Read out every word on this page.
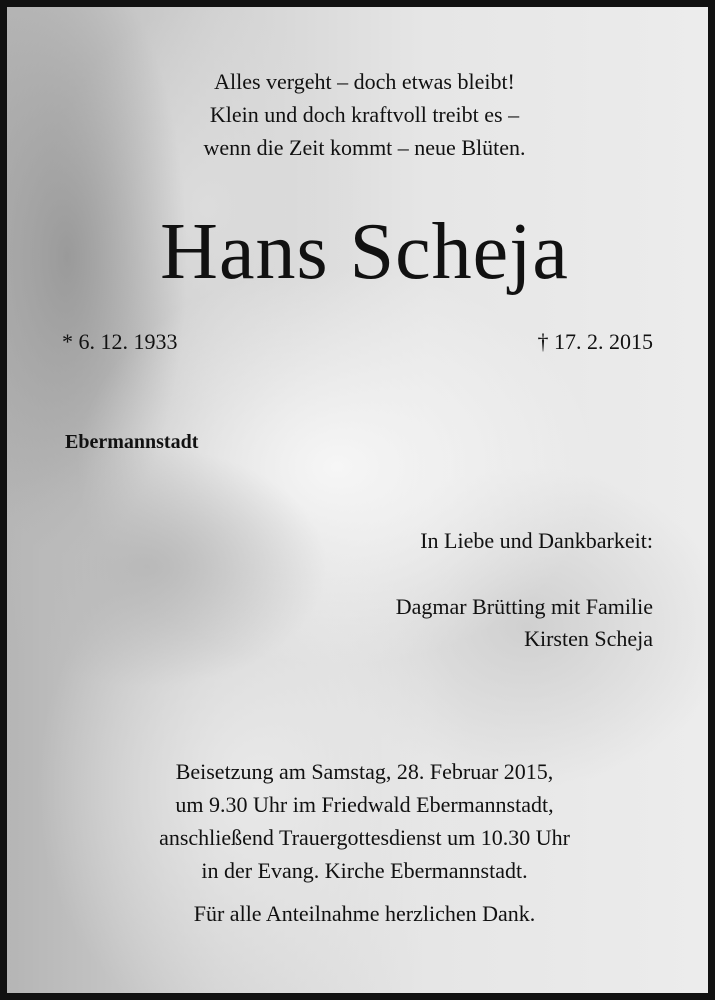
Alles vergeht – doch etwas bleibt!
Klein und doch kraftvoll treibt es –
wenn die Zeit kommt – neue Blüten.
Hans Scheja
* 6. 12. 1933	† 17. 2. 2015
Ebermannstadt
In Liebe und Dankbarkeit:
Dagmar Brütting mit Familie
Kirsten Scheja
Beisetzung am Samstag, 28. Februar 2015,
um 9.30 Uhr im Friedwald Ebermannstadt,
anschließend Trauergottesdienst um 10.30 Uhr
in der Evang. Kirche Ebermannstadt.
Für alle Anteilnahme herzlichen Dank.
